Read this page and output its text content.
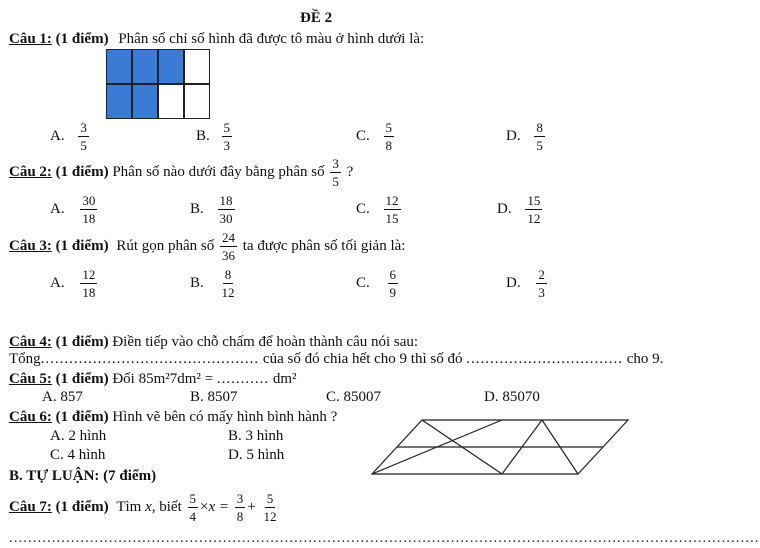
ĐỀ 2
Câu 1: (1 điểm) Phân số chỉ số hình đã được tô màu ở hình dưới là:
A. $\frac{3}{5}$	B. $\frac{5}{3}$	C. $\frac{5}{8}$	D. $\frac{8}{5}$
Câu 2: (1 điểm) Phân số nào dưới đây bằng phân số $\frac{3}{5}$ ?
A. $\frac{30}{18}$	B. $\frac{18}{30}$	C. $\frac{12}{15}$	D. $\frac{15}{12}$
Câu 3: (1 điểm) Rút gọn phân số $\frac{24}{36}$ ta được phân số tối giản là:
A. $\frac{12}{18}$	B. $\frac{8}{12}$	C. $\frac{6}{9}$	D. $\frac{2}{3}$
Câu 4: (1 điểm) Điền tiếp vào chỗ chấm để hoàn thành câu nói sau:
Tổng.............................................. của số đó chia hết cho 9 thì số đó ................................. cho 9.
Câu 5: (1 điểm) Đổi 85m²7dm² = ........... dm²
A. 857	B. 8507	C. 85007	D. 85070
Câu 6: (1 điểm) Hình vẽ bên có mấy hình bình hành ?
A. 2 hình	B. 3 hình
C. 4 hình	D. 5 hình
B. TỰ LUẬN: (7 điểm)
Câu 7: (1 điểm) Tìm x, biết $\frac{5}{4} \times x = \frac{3}{8} + \frac{5}{12}$
..............................................................................................................................................................
